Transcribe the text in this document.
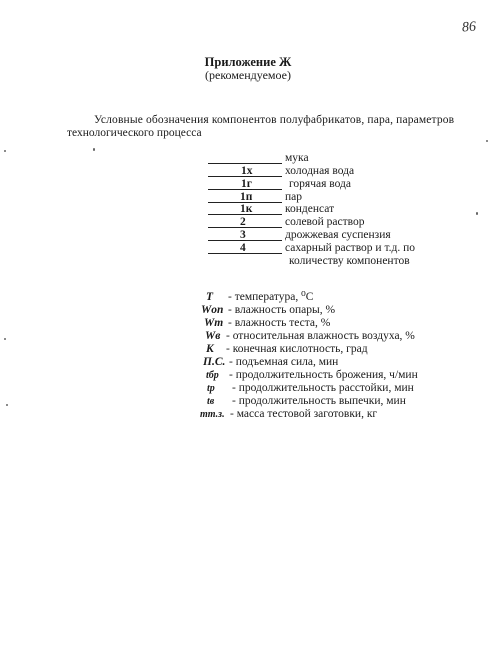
86
Приложение Ж
(рекомендуемое)
Условные обозначения компонентов полуфабрикатов, пара, параметров
технологического процесса
мука
1х	холодная вода
1г	горячая вода
1п	пар
1к	конденсат
2	солевой раствор
3	дрожжевая суспензия
4	сахарный раствор и т.д. по
количеству компонентов
T - температура, ⁰С
Wоп - влажность опары, %
Wт - влажность теста, %
Wв - относительная влажность воздуха, %
К - конечная кислотность, град
П.С. - подъемная сила, мин
tбр - продолжительность брожения, ч/мин
tр - продолжительность расстойки, мин
tв - продолжительность выпечки, мин
mт.з. - масса тестовой заготовки, кг
